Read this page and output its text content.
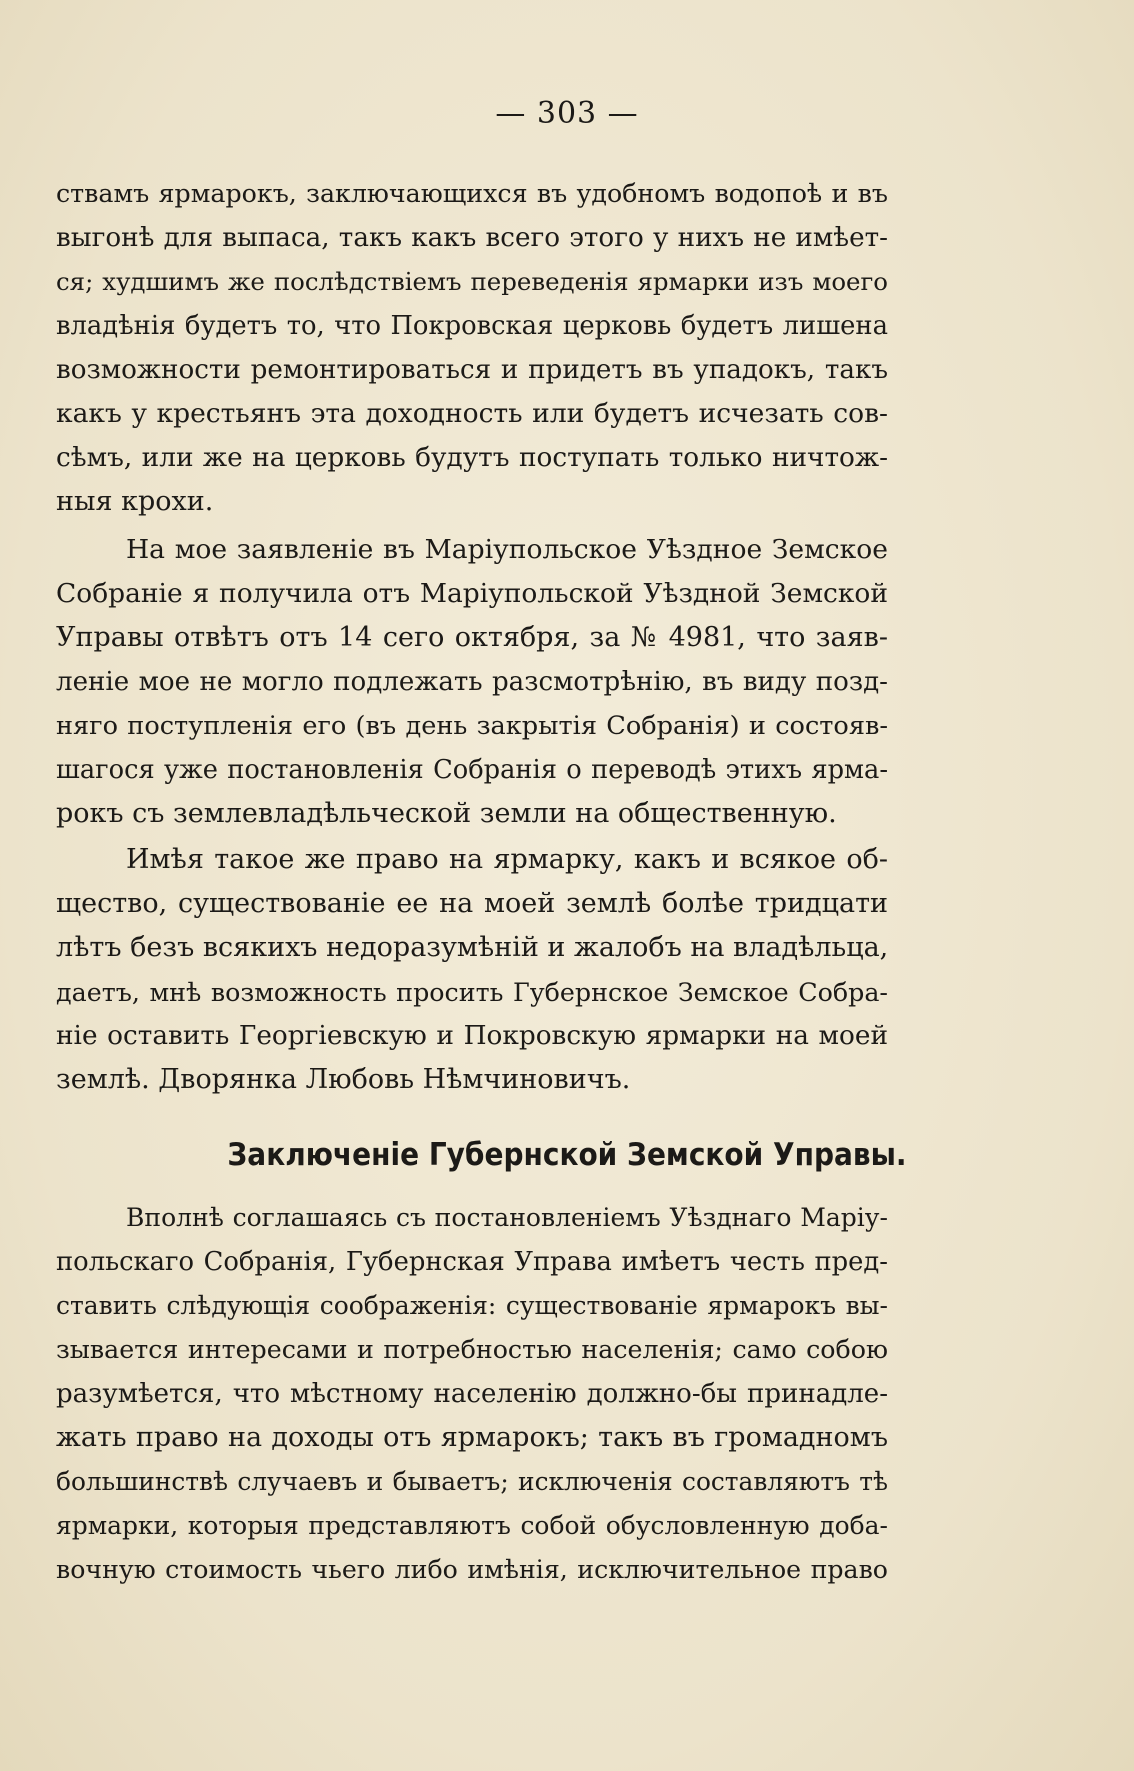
— 303 —
ствамъ ярмарокъ, заключающихся въ удобномъ водопоѣ и въ
выгонѣ для выпаса, такъ какъ всего этого у нихъ не имѣет-
ся; худшимъ же послѣдствіемъ переведенія ярмарки изъ моего
владѣнія будетъ то, что Покровская церковь будетъ лишена
возможности ремонтироваться и придетъ въ упадокъ, такъ
какъ у крестьянъ эта доходность или будетъ исчезать сов-
сѣмъ, или же на церковь будутъ поступать только ничтож-
ныя крохи.
На мое заявленіе въ Маріупольское Уѣздное Земское
Собраніе я получила отъ Маріупольской Уѣздной Земской
Управы отвѣтъ отъ 14 сего октября, за № 4981, что заяв-
леніе мое не могло подлежать разсмотрѣнію, въ виду позд-
няго поступленія его (въ день закрытія Собранія) и состояв-
шагося уже постановленія Собранія о переводѣ этихъ ярма-
рокъ съ землевладѣльческой земли на общественную.
Имѣя такое же право на ярмарку, какъ и всякое об-
щество, существованіе ее на моей землѣ болѣе тридцати
лѣтъ безъ всякихъ недоразумѣній и жалобъ на владѣльца,
даетъ, мнѣ возможность просить Губернское Земское Собра-
ніе оставить Георгіевскую и Покровскую ярмарки на моей
землѣ. Дворянка Любовь Нѣмчиновичъ.
Заключеніе Губернской Земской Управы.
Вполнѣ соглашаясь съ постановленіемъ Уѣзднаго Маріу-
польскаго Собранія, Губернская Управа имѣетъ честь пред-
ставить слѣдующія соображенія: существованіе ярмарокъ вы-
зывается интересами и потребностью населенія; само собою
разумѣется, что мѣстному населенію должно-бы принадле-
жать право на доходы отъ ярмарокъ; такъ въ громадномъ
большинствѣ случаевъ и бываетъ; исключенія составляютъ тѣ
ярмарки, которыя представляютъ собой обусловленную доба-
вочную стоимость чьего либо имѣнія, исключительное право
